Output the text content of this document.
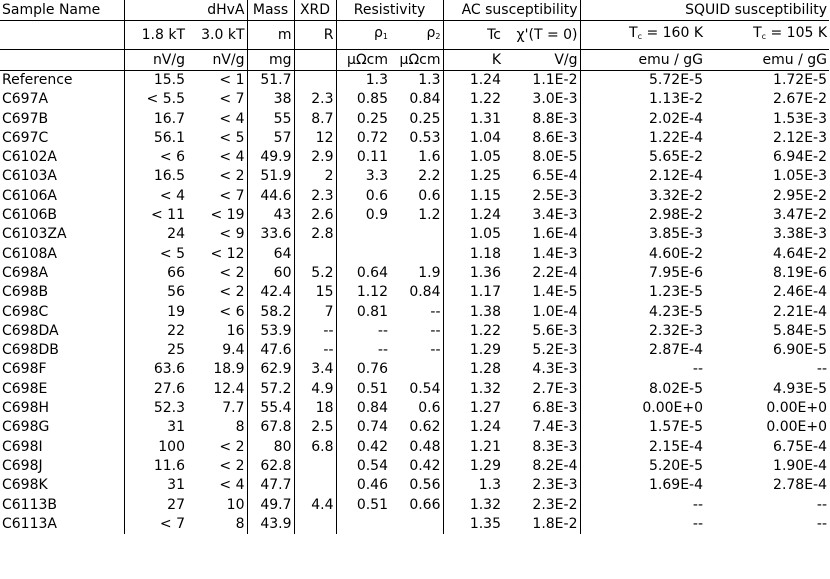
Sample Name	dHvA		Mass	XRD	Resistivity		AC susceptibility		SQUID susceptibility	
	1.8 kT	3.0 kT	m	R	$\rho_1$	$\rho_2$	Tc	χ'(T = 0)	$T_c = 160$ K	$T_c = 105$ K
	nV/g	nV/g	mg		μΩcm	μΩcm	K	V/g	emu / gG	emu / gG
Reference	15.5	< 1	51.7		1.3	1.3	1.24	1.1E-2	5.72E-5	1.72E-5
C697A	< 5.5	< 7	38	2.3	0.85	0.84	1.22	3.0E-3	1.13E-2	2.67E-2
C697B	16.7	< 4	55	8.7	0.25	0.25	1.31	8.8E-3	2.02E-4	1.53E-3
C697C	56.1	< 5	57	12	0.72	0.53	1.04	8.6E-3	1.22E-4	2.12E-3
C6102A	< 6	< 4	49.9	2.9	0.11	1.6	1.05	8.0E-5	5.65E-2	6.94E-2
C6103A	16.5	< 2	51.9	2	3.3	2.2	1.25	6.5E-4	2.12E-4	1.05E-3
C6106A	< 4	< 7	44.6	2.3	0.6	0.6	1.15	2.5E-3	3.32E-2	2.95E-2
C6106B	< 11	< 19	43	2.6	0.9	1.2	1.24	3.4E-3	2.98E-2	3.47E-2
C6103ZA	24	< 9	33.6	2.8			1.05	1.6E-4	3.85E-3	3.38E-3
C6108A	< 5	< 12	64				1.18	1.4E-3	4.60E-2	4.64E-2
C698A	66	< 2	60	5.2	0.64	1.9	1.36	2.2E-4	7.95E-6	8.19E-6
C698B	56	< 2	42.4	15	1.12	0.84	1.17	1.4E-5	1.23E-5	2.46E-4
C698C	19	< 6	58.2	7	0.81	--	1.38	1.0E-4	4.23E-5	2.21E-4
C698DA	22	16	53.9	--	--	--	1.22	5.6E-3	2.32E-3	5.84E-5
C698DB	25	9.4	47.6	--	--	--	1.29	5.2E-3	2.87E-4	6.90E-5
C698F	63.6	18.9	62.9	3.4	0.76		1.28	4.3E-3	--	--
C698E	27.6	12.4	57.2	4.9	0.51	0.54	1.32	2.7E-3	8.02E-5	4.93E-5
C698H	52.3	7.7	55.4	18	0.84	0.6	1.27	6.8E-3	0.00E+0	0.00E+0
C698G	31	8	67.8	2.5	0.74	0.62	1.24	7.4E-3	1.57E-5	0.00E+0
C698I	100	< 2	80	6.8	0.42	0.48	1.21	8.3E-3	2.15E-4	6.75E-4
C698J	11.6	< 2	62.8		0.54	0.42	1.29	8.2E-4	5.20E-5	1.90E-4
C698K	31	< 4	47.7		0.46	0.56	1.3	2.3E-3	1.69E-4	2.78E-4
C6113B	27	10	49.7	4.4	0.51	0.66	1.32	2.3E-2	--	--
C6113A	< 7	8	43.9				1.35	1.8E-2	--	--
